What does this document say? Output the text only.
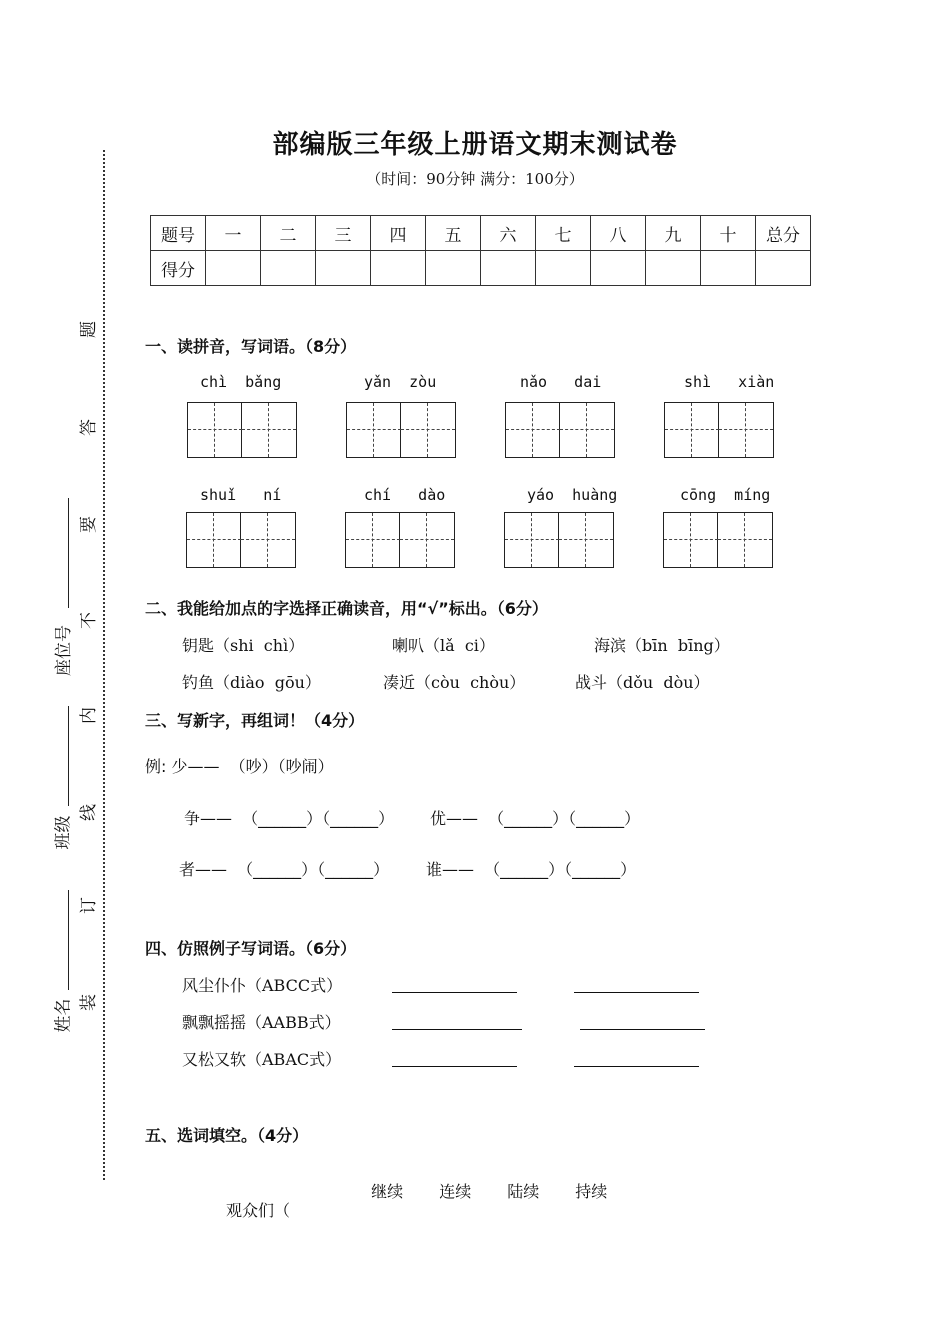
题
答
要
不
内
线
订
装
座位号
班级
姓名
部编版三年级上册语文期末测试卷
（时间：90分钟 满分：100分）
题号	一	二	三	四	五	六	七	八	九	十	总分
得分											
一、读拼音，写词语。（8分）
chì  bǎng	yǎn  zòu	nǎo   dai	shì   xiàn
shuǐ   ní	chí   dào	yáo  huàng	cōng  míng
二、我能给加点的字选择正确读音，用“√”标出。（6分）
钥匙（shi  chì）	喇叭（lǎ  ci）	海滨（bīn  bīng）
钓鱼（diào  gōu）	凑近（còu  chòu）	战斗（dǒu  dòu）
三、写新字，再组词！（4分）
例: 少——  （吵）（吵闹）
争——  （______）（______） 优——  （______）（______）
者——  （______）（______） 谁——  （______）（______）
四、仿照例子写词语。（6分）
风尘仆仆（ABCC式）
飘飘摇摇（AABB式）
又松又软（ABAC式）
五、选词填空。（4分）

继续 连续 陆续 持续

观众们（
